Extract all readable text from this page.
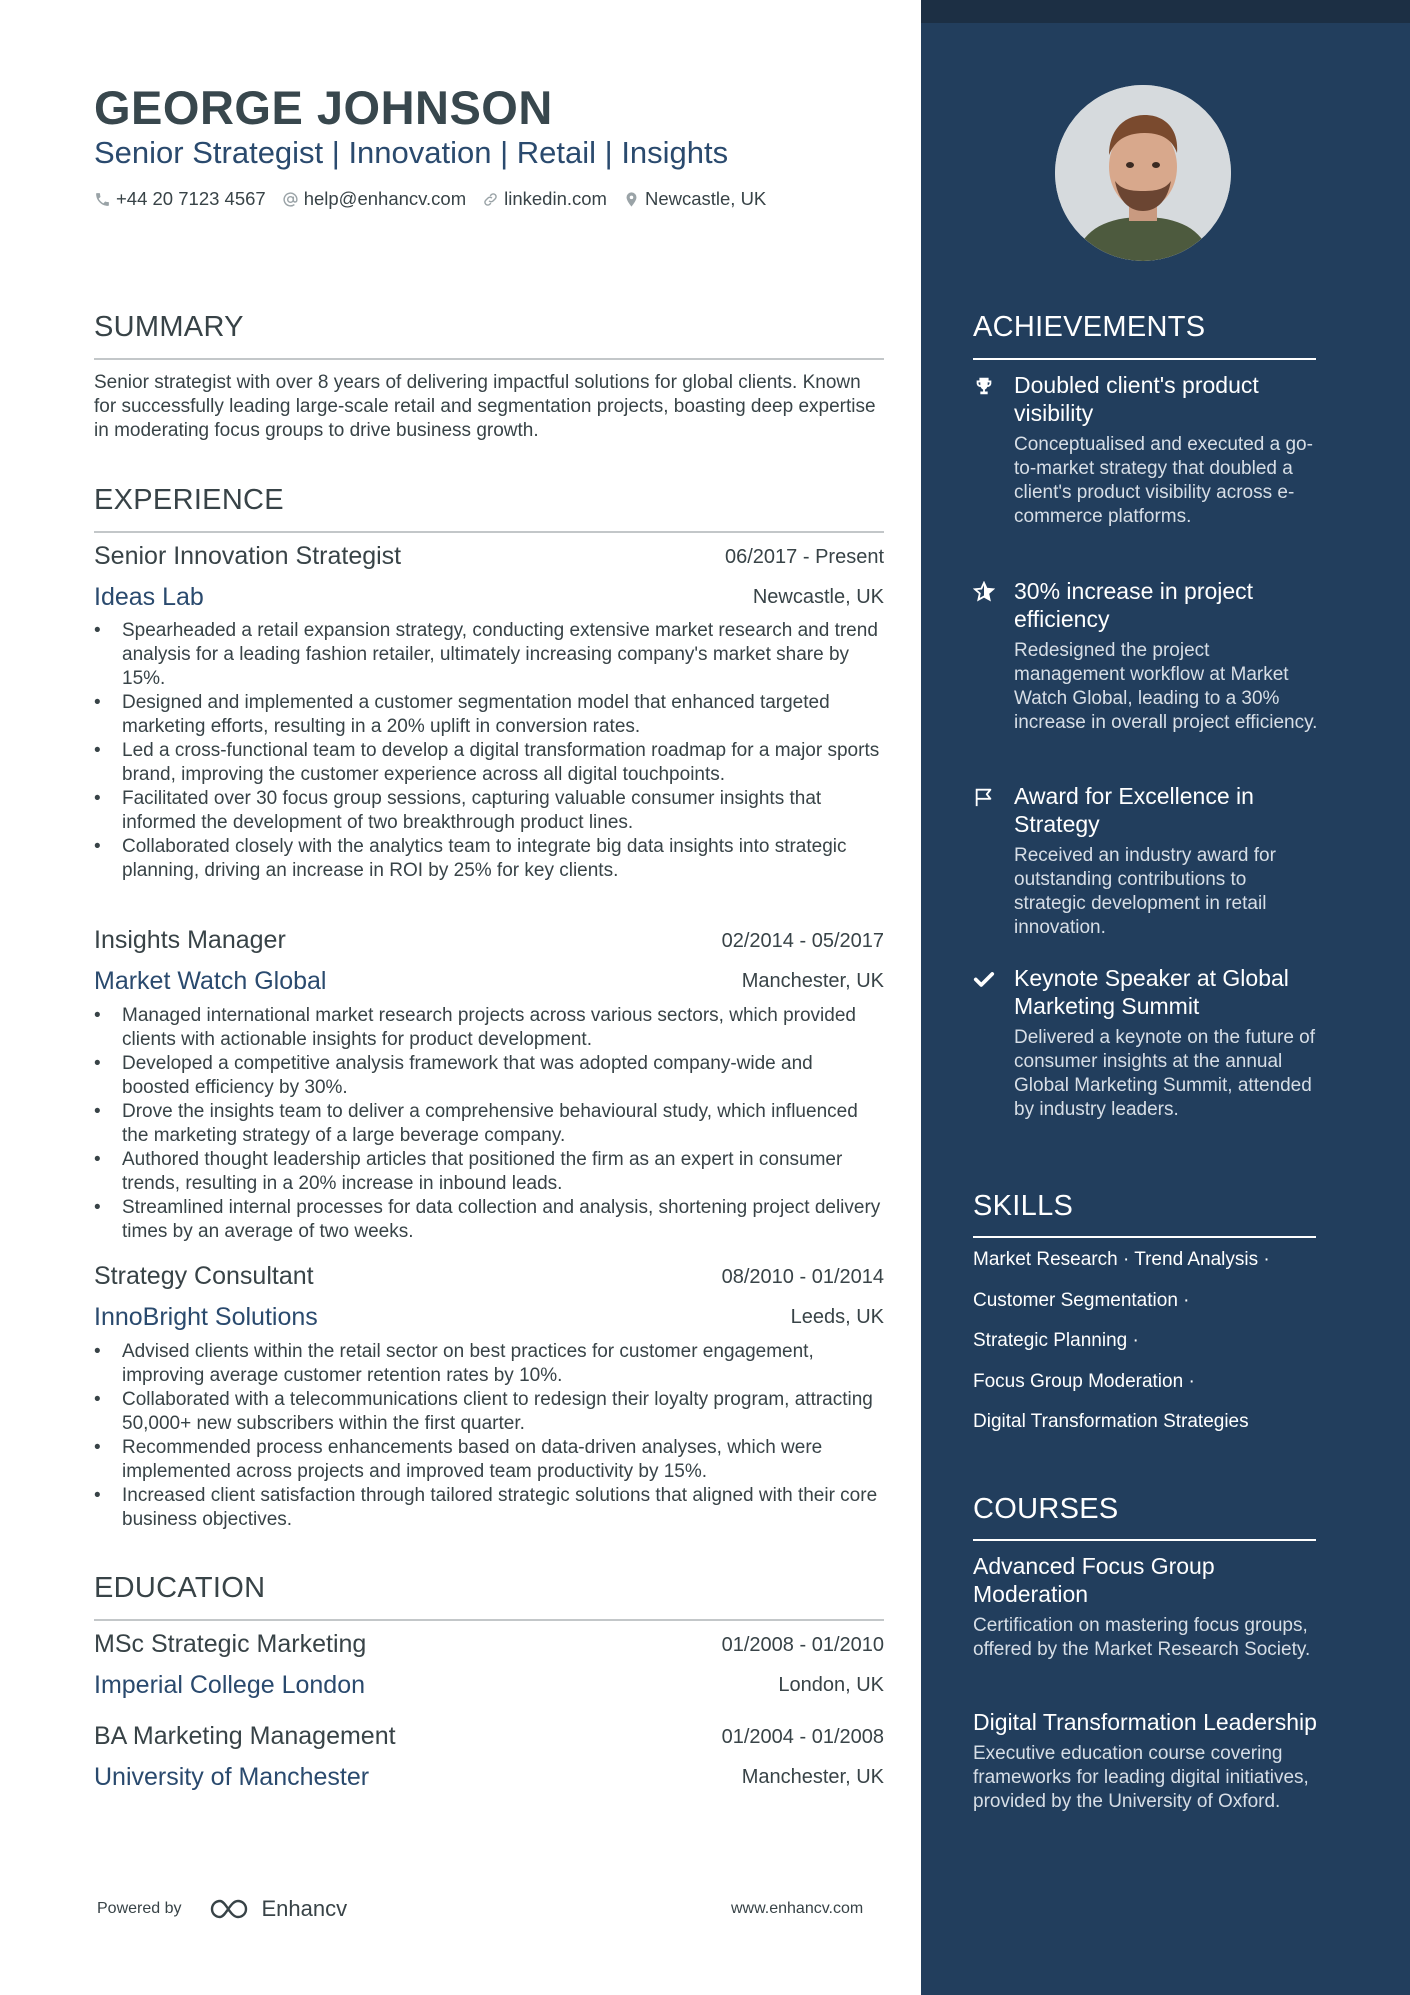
GEORGE JOHNSON
Senior Strategist | Innovation | Retail | Insights
+44 20 7123 4567 help@enhancv.com linkedin.com Newcastle, UK
SUMMARY
Senior strategist with over 8 years of delivering impactful solutions for global clients. Known for successfully leading large-scale retail and segmentation projects, boasting deep expertise in moderating focus groups to drive business growth.
EXPERIENCE
Senior Innovation Strategist	06/2017 - Present
Ideas Lab	Newcastle, UK
• Spearheaded a retail expansion strategy, conducting extensive market research and trend analysis for a leading fashion retailer, ultimately increasing company's market share by 15%.
• Designed and implemented a customer segmentation model that enhanced targeted marketing efforts, resulting in a 20% uplift in conversion rates.
• Led a cross-functional team to develop a digital transformation roadmap for a major sports brand, improving the customer experience across all digital touchpoints.
• Facilitated over 30 focus group sessions, capturing valuable consumer insights that informed the development of two breakthrough product lines.
• Collaborated closely with the analytics team to integrate big data insights into strategic planning, driving an increase in ROI by 25% for key clients.
Insights Manager	02/2014 - 05/2017
Market Watch Global	Manchester, UK
• Managed international market research projects across various sectors, which provided clients with actionable insights for product development.
• Developed a competitive analysis framework that was adopted company-wide and boosted efficiency by 30%.
• Drove the insights team to deliver a comprehensive behavioural study, which influenced the marketing strategy of a large beverage company.
• Authored thought leadership articles that positioned the firm as an expert in consumer trends, resulting in a 20% increase in inbound leads.
• Streamlined internal processes for data collection and analysis, shortening project delivery times by an average of two weeks.
Strategy Consultant	08/2010 - 01/2014
InnoBright Solutions	Leeds, UK
• Advised clients within the retail sector on best practices for customer engagement, improving average customer retention rates by 10%.
• Collaborated with a telecommunications client to redesign their loyalty program, attracting 50,000+ new subscribers within the first quarter.
• Recommended process enhancements based on data-driven analyses, which were implemented across projects and improved team productivity by 15%.
• Increased client satisfaction through tailored strategic solutions that aligned with their core business objectives.
EDUCATION
MSc Strategic Marketing	01/2008 - 01/2010
Imperial College London	London, UK
BA Marketing Management	01/2004 - 01/2008
University of Manchester	Manchester, UK
ACHIEVEMENTS
Doubled client's product visibility
Conceptualised and executed a go-to-market strategy that doubled a client's product visibility across e-commerce platforms.
30% increase in project efficiency
Redesigned the project management workflow at Market Watch Global, leading to a 30% increase in overall project efficiency.
Award for Excellence in Strategy
Received an industry award for outstanding contributions to strategic development in retail innovation.
Keynote Speaker at Global Marketing Summit
Delivered a keynote on the future of consumer insights at the annual Global Marketing Summit, attended by industry leaders.
SKILLS
Market Research · Trend Analysis ·
Customer Segmentation ·
Strategic Planning ·
Focus Group Moderation ·
Digital Transformation Strategies
COURSES
Advanced Focus Group Moderation
Certification on mastering focus groups, offered by the Market Research Society.
Digital Transformation Leadership
Executive education course covering frameworks for leading digital initiatives, provided by the University of Oxford.
Powered by	Enhancv	www.enhancv.com
